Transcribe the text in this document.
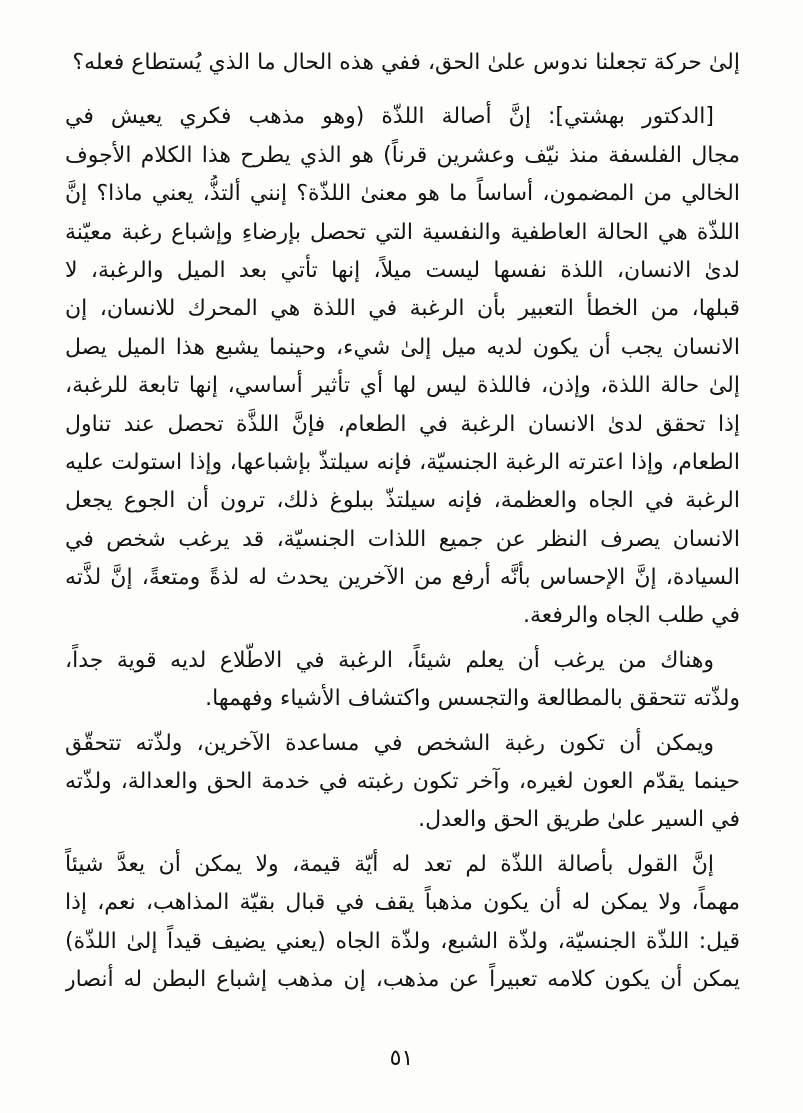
إلىٰ حركة تجعلنا ندوس علىٰ الحق، ففي هذه الحال ما الذي يُستطاع فعله؟
[الدكتور بهشتي]: إنَّ أصالة اللذّة (وهو مذهب فكري يعيش في
مجال الفلسفة منذ نيّف وعشرين قرناً) هو الذي يطرح هذا الكلام الأجوف
الخالي من المضمون، أساساً ما هو معنىٰ اللذّة؟ إنني ألتذُّ، يعني ماذا؟ إنَّ
اللذّة هي الحالة العاطفية والنفسية التي تحصل بإرضاءِ وإشباع رغبة معيّنة
لدىٰ الانسان، اللذة نفسها ليست ميلاً، إنها تأتي بعد الميل والرغبة، لا
قبلها، من الخطأ التعبير بأن الرغبة في اللذة هي المحرك للانسان، إن
الانسان يجب أن يكون لديه ميل إلىٰ شيء، وحينما يشبع هذا الميل يصل
إلىٰ حالة اللذة، وإذن، فاللذة ليس لها أي تأثير أساسي، إنها تابعة للرغبة،
إذا تحقق لدىٰ الانسان الرغبة في الطعام، فإنَّ اللذَّة تحصل عند تناول
الطعام، وإذا اعترته الرغبة الجنسيّة، فإنه سيلتذّ بإشباعها، وإذا استولت عليه
الرغبة في الجاه والعظمة، فإنه سيلتذّ ببلوغ ذلك، ترون أن الجوع يجعل
الانسان يصرف النظر عن جميع اللذات الجنسيّة، قد يرغب شخص في
السيادة، إنَّ الإحساس بأنَّه أرفع من الآخرين يحدث له لذةً ومتعةً، إنَّ لذَّته
في طلب الجاه والرفعة.
وهناك من يرغب أن يعلم شيئاً، الرغبة في الاطّلاع لديه قوية جداً،
ولذّته تتحقق بالمطالعة والتجسس واكتشاف الأشياء وفهمها.
ويمكن أن تكون رغبة الشخص في مساعدة الآخرين، ولذّته تتحقّق
حينما يقدّم العون لغيره، وآخر تكون رغبته في خدمة الحق والعدالة، ولذّته
في السير علىٰ طريق الحق والعدل.
إنَّ القول بأصالة اللذّة لم تعد له أيّة قيمة، ولا يمكن أن يعدَّ شيئاً
مهماً، ولا يمكن له أن يكون مذهباً يقف في قبال بقيّة المذاهب، نعم، إذا
قيل: اللذّة الجنسيّة، ولذّة الشبع، ولذّة الجاه (يعني يضيف قيداً إلىٰ اللذّة)
يمكن أن يكون كلامه تعبيراً عن مذهب، إن مذهب إشباع البطن له أنصار
٥١
